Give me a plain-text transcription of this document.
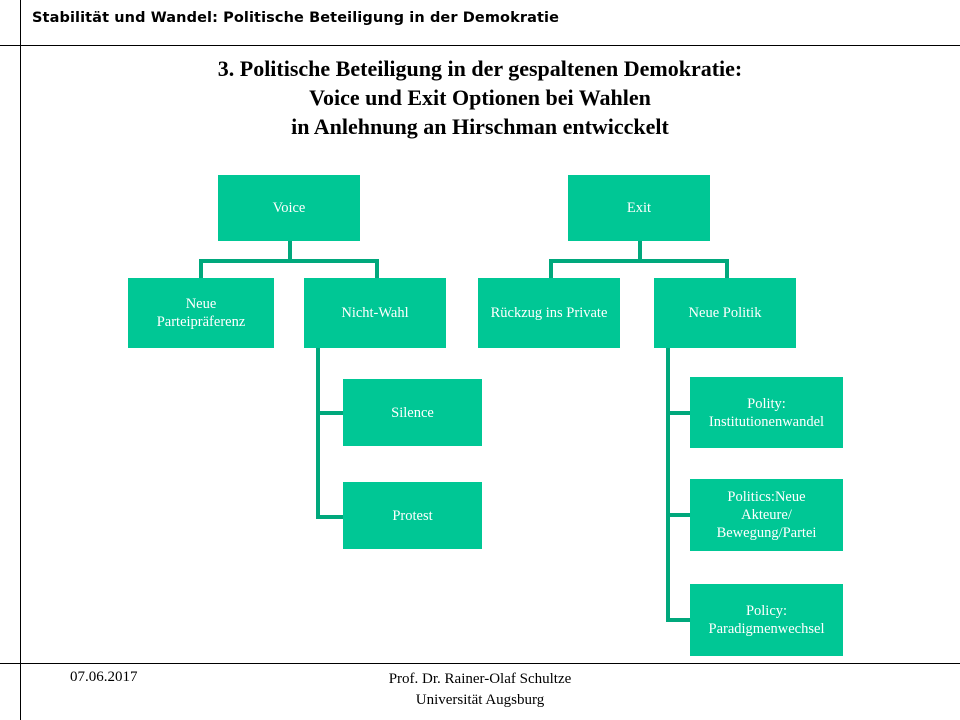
Stabilität und Wandel: Politische Beteiligung in der Demokratie
3. Politische Beteiligung in der gespaltenen Demokratie:
Voice und Exit Optionen bei Wahlen
in Anlehnung an Hirschman entwicckelt
Voice	Exit
Neue
Parteipräferenz
Nicht-Wahl	Rückzug ins Private	Neue Politik
Silence
Protest
Polity:
Institutionenwandel
Politics:Neue
Akteure/
Bewegung/Partei
Policy:
Paradigmenwechsel
07.06.2017	Prof. Dr. Rainer-Olaf Schultze
Universität Augsburg
